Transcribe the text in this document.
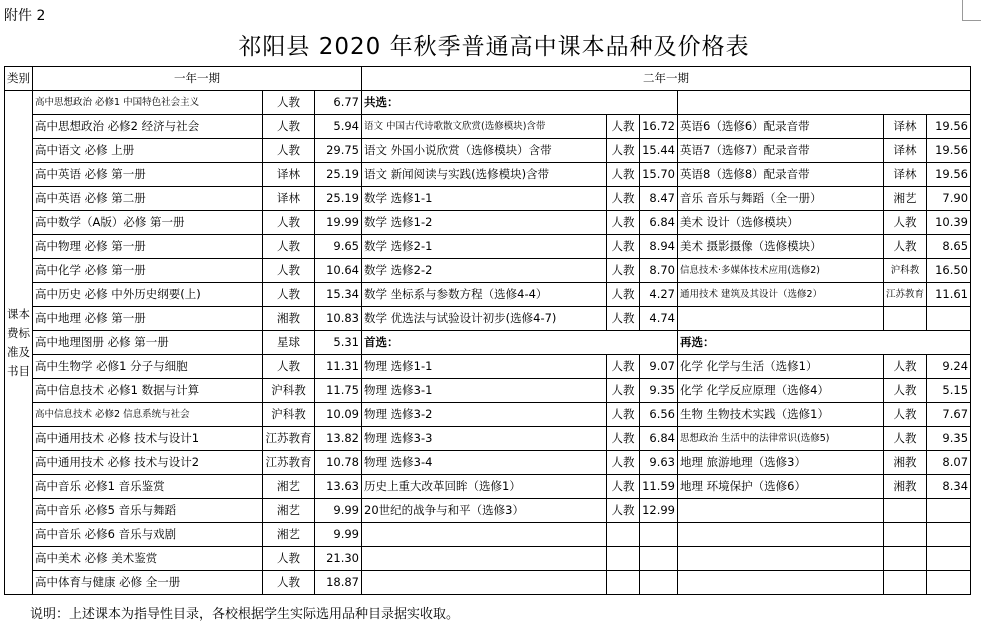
附件 2
祁阳县 2020 年秋季普通高中课本品种及价格表
类别	一年一期			二年一期					
课本费标准及书目	高中思想政治 必修1 中国特色社会主义	人教	6.77	共选：					
	高中思想政治 必修2 经济与社会	人教	5.94	语文 中国古代诗歌散文欣赏(选修模块)含带	人教	16.72	英语6（选修6）配录音带	译林	19.56
	高中语文 必修 上册	人教	29.75	语文 外国小说欣赏（选修模块）含带	人教	15.44	英语7（选修7）配录音带	译林	19.56
	高中英语 必修 第一册	译林	25.19	语文 新闻阅读与实践(选修模块)含带	人教	15.70	英语8（选修8）配录音带	译林	19.56
	高中英语 必修 第二册	译林	25.19	数学 选修1-1	人教	8.47	音乐 音乐与舞蹈（全一册）	湘艺	7.90
	高中数学（A版）必修 第一册	人教	19.99	数学 选修1-2	人教	6.84	美术 设计（选修模块）	人教	10.39
	高中物理 必修 第一册	人教	9.65	数学 选修2-1	人教	8.94	美术 摄影摄像（选修模块）	人教	8.65
	高中化学 必修 第一册	人教	10.64	数学 选修2-2	人教	8.70	信息技术·多媒体技术应用(选修2)	沪科教	16.50
	高中历史 必修 中外历史纲要(上)	人教	15.34	数学 坐标系与参数方程（选修4-4）	人教	4.27	通用技术 建筑及其设计（选修2）	江苏教育	11.61
	高中地理 必修 第一册	湘教	10.83	数学 优选法与试验设计初步(选修4-7)	人教	4.74			
	高中地理图册 必修 第一册	星球	5.31	首选：			再选：		
	高中生物学 必修1 分子与细胞	人教	11.31	物理 选修1-1	人教	9.07	化学 化学与生活（选修1）	人教	9.24
	高中信息技术 必修1 数据与计算	沪科教	11.75	物理 选修3-1	人教	9.35	化学 化学反应原理（选修4）	人教	5.15
	高中信息技术 必修2 信息系统与社会	沪科教	10.09	物理 选修3-2	人教	6.56	生物 生物技术实践（选修1）	人教	7.67
	高中通用技术 必修 技术与设计1	江苏教育	13.82	物理 选修3-3	人教	6.84	思想政治 生活中的法律常识(选修5)	人教	9.35
	高中通用技术 必修 技术与设计2	江苏教育	10.78	物理 选修3-4	人教	9.63	地理 旅游地理（选修3）	湘教	8.07
	高中音乐 必修1 音乐鉴赏	湘艺	13.63	历史上重大改革回眸（选修1）	人教	11.59	地理 环境保护（选修6）	湘教	8.34
	高中音乐 必修5 音乐与舞蹈	湘艺	9.99	20世纪的战争与和平（选修3）	人教	12.99			
	高中音乐 必修6 音乐与戏剧	湘艺	9.99						
	高中美术 必修 美术鉴赏	人教	21.30						
	高中体育与健康 必修 全一册	人教	18.87						
说明：上述课本为指导性目录，各校根据学生实际选用品种目录据实收取。
